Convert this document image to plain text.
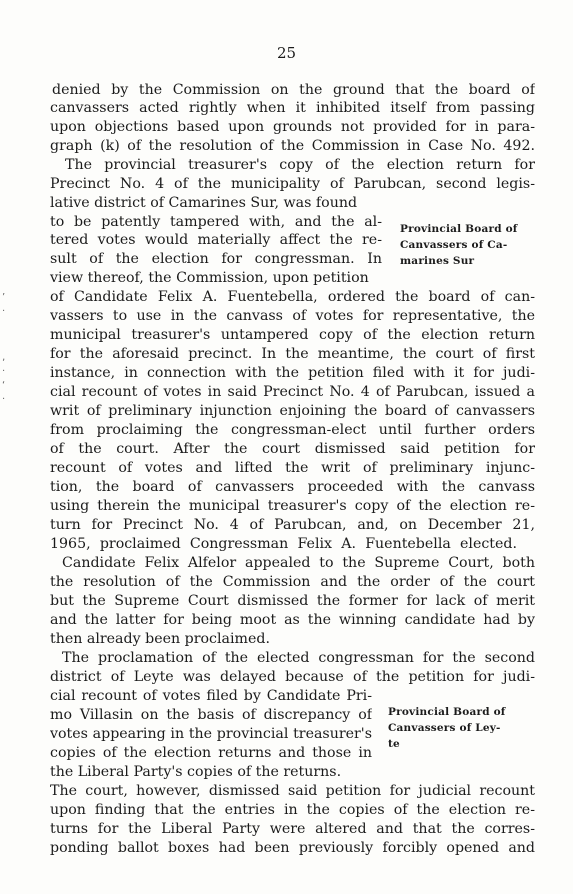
25
’
·
‚
·
‘
·
denied by the Commission on the ground that the board of
canvassers acted rightly when it inhibited itself from passing
upon objections based upon grounds not provided for in para-
graph (k) of the resolution of the Commission in Case No. 492.
The provincial treasurer's copy of the election return for
Precinct No. 4 of the municipality of Parubcan, second legis-
lative district of Camarines Sur, was found
to be patently tampered with, and the al-
tered votes would materially affect the re-
sult of the election for congressman. In
view thereof, the Commission, upon petition
Provincial Board of
Canvassers of Ca-
marines Sur
of Candidate Felix A. Fuentebella, ordered the board of can-
vassers to use in the canvass of votes for representative, the
municipal treasurer's untampered copy of the election return
for the aforesaid precinct. In the meantime, the court of first
instance, in connection with the petition filed with it for judi-
cial recount of votes in said Precinct No. 4 of Parubcan, issued a
writ of preliminary injunction enjoining the board of canvassers
from proclaiming the congressman-elect until further orders
of the court. After the court dismissed said petition for
recount of votes and lifted the writ of preliminary injunc-
tion, the board of canvassers proceeded with the canvass
using therein the municipal treasurer's copy of the election re-
turn for Precinct No. 4 of Parubcan, and, on December 21,
1965, proclaimed Congressman Felix A. Fuentebella elected.
Candidate Felix Alfelor appealed to the Supreme Court, both
the resolution of the Commission and the order of the court
but the Supreme Court dismissed the former for lack of merit
and the latter for being moot as the winning candidate had by
then already been proclaimed.
The proclamation of the elected congressman for the second
district of Leyte was delayed because of the petition for judi-
cial recount of votes filed by Candidate Pri-
mo Villasin on the basis of discrepancy of
votes appearing in the provincial treasurer's
copies of the election returns and those in
the Liberal Party's copies of the returns.
Provincial Board of
Canvassers of Ley-
te
The court, however, dismissed said petition for judicial recount
upon finding that the entries in the copies of the election re-
turns for the Liberal Party were altered and that the corres-
ponding ballot boxes had been previously forcibly opened and
